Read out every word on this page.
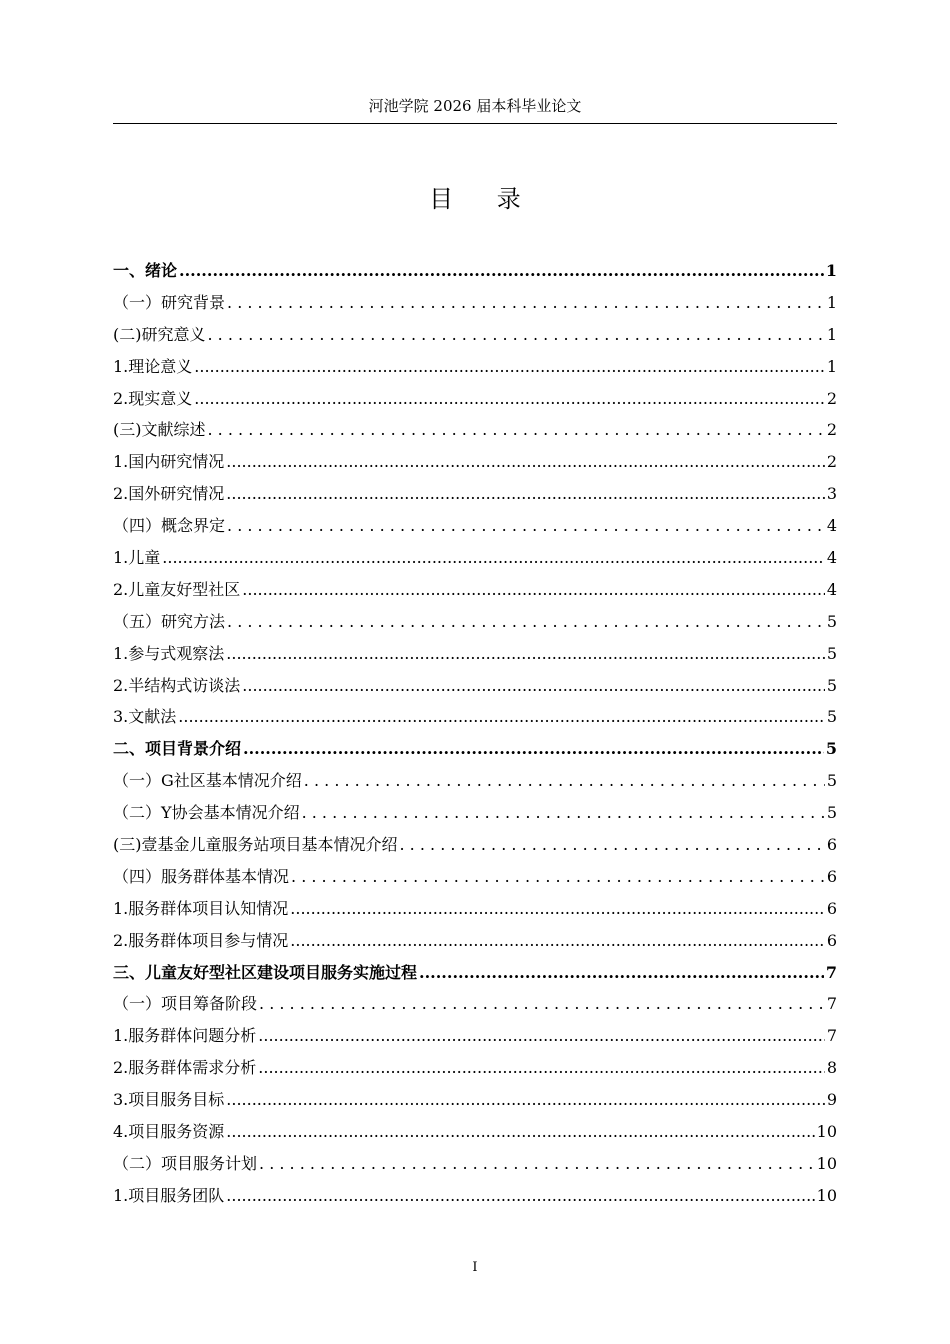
河池学院 2026 届本科毕业论文
目 录
一、绪论 .....	1
（一）研究背景 . . .	1
(二)研究意义 . . .	1
1.理论意义 .....	1
2.现实意义 .....	2
(三)文献综述 . . .	2
1.国内研究情况 .....	2
2.国外研究情况 .....	3
（四）概念界定 . . .	4
1.儿童 .....	4
2.儿童友好型社区 .....	4
（五）研究方法 . . .	5
1.参与式观察法 .....	5
2.半结构式访谈法 .....	5
3.文献法 .....	5
二、项目背景介绍 .....	5
（一）G社区基本情况介绍 . . .	5
（二）Y协会基本情况介绍 . . .	5
(三)壹基金儿童服务站项目基本情况介绍 . . .	6
（四）服务群体基本情况 . . .	6
1.服务群体项目认知情况 .....	6
2.服务群体项目参与情况 .....	6
三、儿童友好型社区建设项目服务实施过程 .....	7
（一）项目筹备阶段 . . .	7
1.服务群体问题分析 .....	7
2.服务群体需求分析 .....	8
3.项目服务目标 .....	9
4.项目服务资源 .....	10
（二）项目服务计划 . . .	10
1.项目服务团队 .....	10
I
